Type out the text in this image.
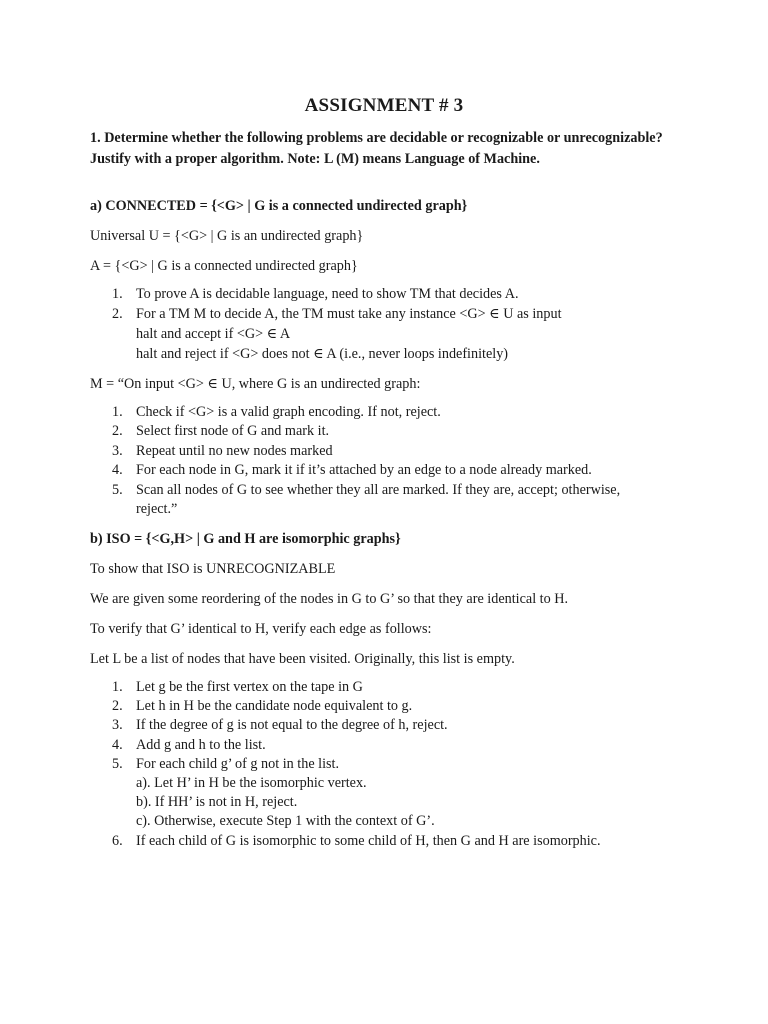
ASSIGNMENT # 3
1. Determine whether the following problems are decidable or recognizable or unrecognizable? Justify with a proper algorithm. Note: L (M) means Language of Machine.
a) CONNECTED = {<G> | G is a connected undirected graph}
Universal U = {<G> | G is an undirected graph}
A = {<G> | G is a connected undirected graph}
1. To prove A is decidable language, need to show TM that decides A.
2. For a TM M to decide A, the TM must take any instance <G> ∈ U as input
halt and accept if <G> ∈ A
halt and reject if <G> does not ∈ A (i.e., never loops indefinitely)
M = “On input <G> ∈ U, where G is an undirected graph:
1. Check if <G> is a valid graph encoding. If not, reject.
2. Select first node of G and mark it.
3. Repeat until no new nodes marked
4. For each node in G, mark it if it’s attached by an edge to a node already marked.
5. Scan all nodes of G to see whether they all are marked. If they are, accept; otherwise,
reject.”
b) ISO = {<G,H> | G and H are isomorphic graphs}
To show that ISO is UNRECOGNIZABLE
We are given some reordering of the nodes in G to G’ so that they are identical to H.
To verify that G’ identical to H, verify each edge as follows:
Let L be a list of nodes that have been visited. Originally, this list is empty.
1. Let g be the first vertex on the tape in G
2. Let h in H be the candidate node equivalent to g.
3. If the degree of g is not equal to the degree of h, reject.
4. Add g and h to the list.
5. For each child g’ of g not in the list.
a). Let H’ in H be the isomorphic vertex.
b). If HH’ is not in H, reject.
c). Otherwise, execute Step 1 with the context of G’.
6. If each child of G is isomorphic to some child of H, then G and H are isomorphic.
